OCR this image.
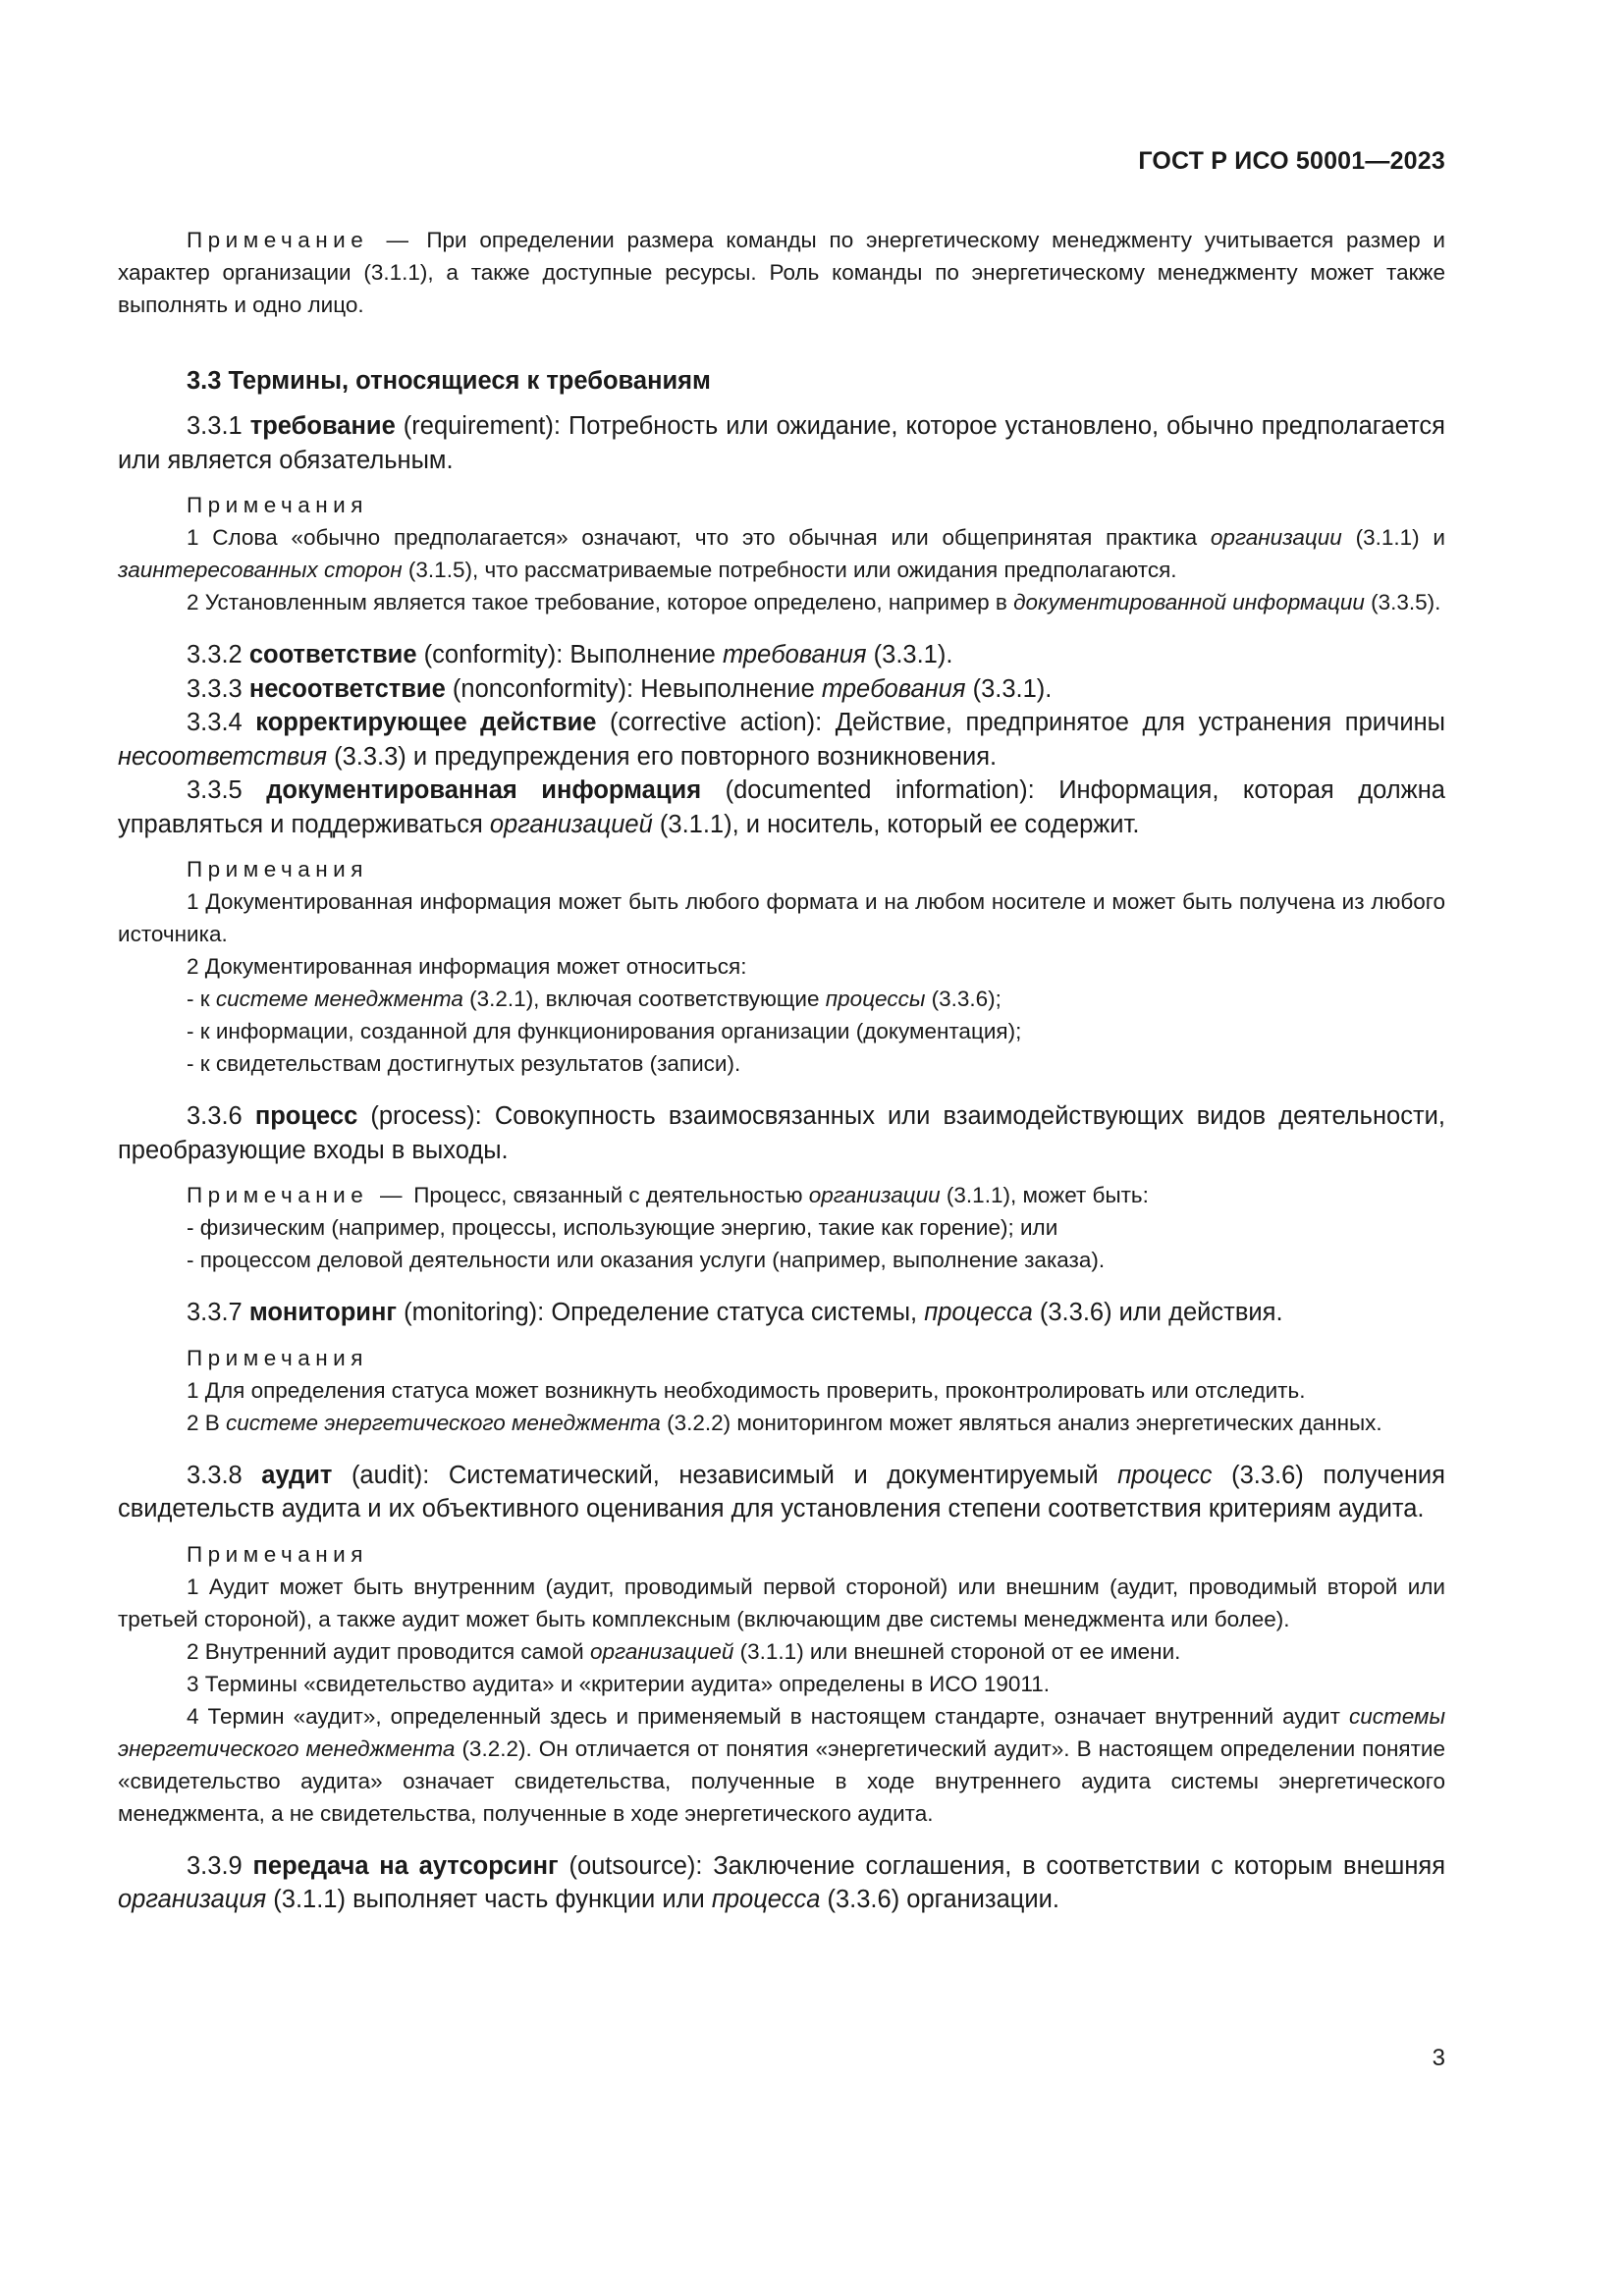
ГОСТ Р ИСО 50001—2023

Примечание — При определении размера команды по энергетическому менеджменту учитывается размер и характер организации (3.1.1), а также доступные ресурсы. Роль команды по энергетическому менеджменту может также выполнять и одно лицо.

3.3 Термины, относящиеся к требованиям

3.3.1 требование (requirement): Потребность или ожидание, которое установлено, обычно предполагается или является обязательным.

Примечания

1 Слова «обычно предполагается» означают, что это обычная или общепринятая практика организации (3.1.1) и заинтересованных сторон (3.1.5), что рассматриваемые потребности или ожидания предполагаются.

2 Установленным является такое требование, которое определено, например в документированной информации (3.3.5).

3.3.2 соответствие (conformity): Выполнение требования (3.3.1).

3.3.3 несоответствие (nonconformity): Невыполнение требования (3.3.1).

3.3.4 корректирующее действие (corrective action): Действие, предпринятое для устранения причины несоответствия (3.3.3) и предупреждения его повторного возникновения.

3.3.5 документированная информация (documented information): Информация, которая должна управляться и поддерживаться организацией (3.1.1), и носитель, который ее содержит.

Примечания

1 Документированная информация может быть любого формата и на любом носителе и может быть получена из любого источника.

2 Документированная информация может относиться:

- к системе менеджмента (3.2.1), включая соответствующие процессы (3.3.6);

- к информации, созданной для функционирования организации (документация);

- к свидетельствам достигнутых результатов (записи).

3.3.6 процесс (process): Совокупность взаимосвязанных или взаимодействующих видов деятельности, преобразующие входы в выходы.

Примечание — Процесс, связанный с деятельностью организации (3.1.1), может быть:

- физическим (например, процессы, использующие энергию, такие как горение); или

- процессом деловой деятельности или оказания услуги (например, выполнение заказа).

3.3.7 мониторинг (monitoring): Определение статуса системы, процесса (3.3.6) или действия.

Примечания

1 Для определения статуса может возникнуть необходимость проверить, проконтролировать или отследить.

2 В системе энергетического менеджмента (3.2.2) мониторингом может являться анализ энергетических данных.

3.3.8 аудит (audit): Систематический, независимый и документируемый процесс (3.3.6) получения свидетельств аудита и их объективного оценивания для установления степени соответствия критериям аудита.

Примечания

1 Аудит может быть внутренним (аудит, проводимый первой стороной) или внешним (аудит, проводимый второй или третьей стороной), а также аудит может быть комплексным (включающим две системы менеджмента или более).

2 Внутренний аудит проводится самой организацией (3.1.1) или внешней стороной от ее имени.

3 Термины «свидетельство аудита» и «критерии аудита» определены в ИСО 19011.

4 Термин «аудит», определенный здесь и применяемый в настоящем стандарте, означает внутренний аудит системы энергетического менеджмента (3.2.2). Он отличается от понятия «энергетический аудит». В настоящем определении понятие «свидетельство аудита» означает свидетельства, полученные в ходе внутреннего аудита системы энергетического менеджмента, а не свидетельства, полученные в ходе энергетического аудита.

3.3.9 передача на аутсорсинг (outsource): Заключение соглашения, в соответствии с которым внешняя организация (3.1.1) выполняет часть функции или процесса (3.3.6) организации.

3
